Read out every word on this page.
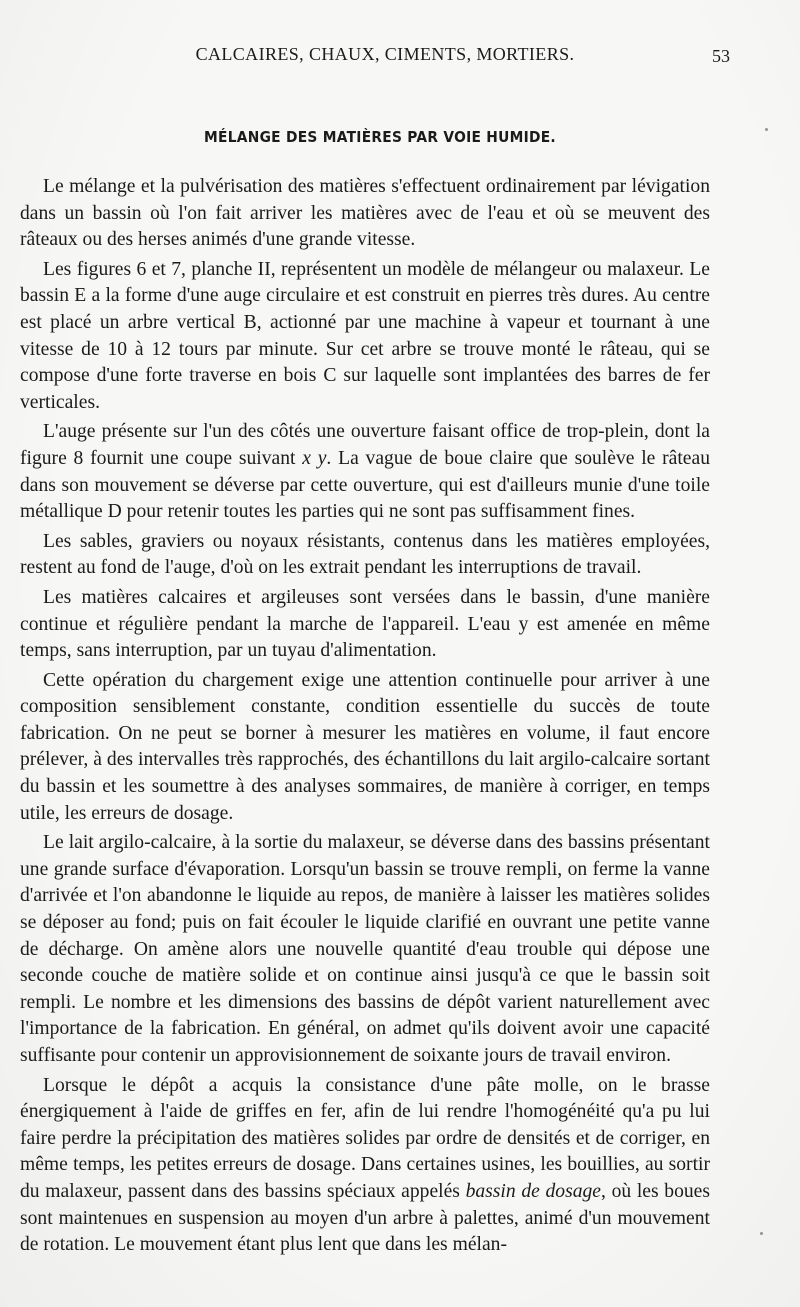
CALCAIRES, CHAUX, CIMENTS, MORTIERS.	53
MÉLANGE DES MATIÈRES PAR VOIE HUMIDE.

Le mélange et la pulvérisation des matières s'effectuent ordinairement par lévigation dans un bassin où l'on fait arriver les matières avec de l'eau et où se meuvent des râteaux ou des herses animés d'une grande vitesse.

Les figures 6 et 7, planche II, représentent un modèle de mélangeur ou malaxeur. Le bassin E a la forme d'une auge circulaire et est construit en pierres très dures. Au centre est placé un arbre vertical B, actionné par une machine à vapeur et tournant à une vitesse de 10 à 12 tours par minute. Sur cet arbre se trouve monté le râteau, qui se compose d'une forte traverse en bois C sur laquelle sont implantées des barres de fer verticales.

L'auge présente sur l'un des côtés une ouverture faisant office de trop-plein, dont la figure 8 fournit une coupe suivant x y. La vague de boue claire que soulève le râteau dans son mouvement se déverse par cette ouverture, qui est d'ailleurs munie d'une toile métallique D pour retenir toutes les parties qui ne sont pas suffisamment fines.

Les sables, graviers ou noyaux résistants, contenus dans les matières employées, restent au fond de l'auge, d'où on les extrait pendant les interruptions de travail.

Les matières calcaires et argileuses sont versées dans le bassin, d'une manière continue et régulière pendant la marche de l'appareil. L'eau y est amenée en même temps, sans interruption, par un tuyau d'alimentation.

Cette opération du chargement exige une attention continuelle pour arriver à une composition sensiblement constante, condition essentielle du succès de toute fabrication. On ne peut se borner à mesurer les matières en volume, il faut encore prélever, à des intervalles très rapprochés, des échantillons du lait argilo-calcaire sortant du bassin et les soumettre à des analyses sommaires, de manière à corriger, en temps utile, les erreurs de dosage.

Le lait argilo-calcaire, à la sortie du malaxeur, se déverse dans des bassins présentant une grande surface d'évaporation. Lorsqu'un bassin se trouve rempli, on ferme la vanne d'arrivée et l'on abandonne le liquide au repos, de manière à laisser les matières solides se déposer au fond; puis on fait écouler le liquide clarifié en ouvrant une petite vanne de décharge. On amène alors une nouvelle quantité d'eau trouble qui dépose une seconde couche de matière solide et on continue ainsi jusqu'à ce que le bassin soit rempli. Le nombre et les dimensions des bassins de dépôt varient naturellement avec l'importance de la fabrication. En général, on admet qu'ils doivent avoir une capacité suffisante pour contenir un approvisionnement de soixante jours de travail environ.

Lorsque le dépôt a acquis la consistance d'une pâte molle, on le brasse énergiquement à l'aide de griffes en fer, afin de lui rendre l'homogénéité qu'a pu lui faire perdre la précipitation des matières solides par ordre de densités et de corriger, en même temps, les petites erreurs de dosage. Dans certaines usines, les bouillies, au sortir du malaxeur, passent dans des bassins spéciaux appelés bassin de dosage, où les boues sont maintenues en suspension au moyen d'un arbre à palettes, animé d'un mouvement de rotation. Le mouvement étant plus lent que dans les mélan-
